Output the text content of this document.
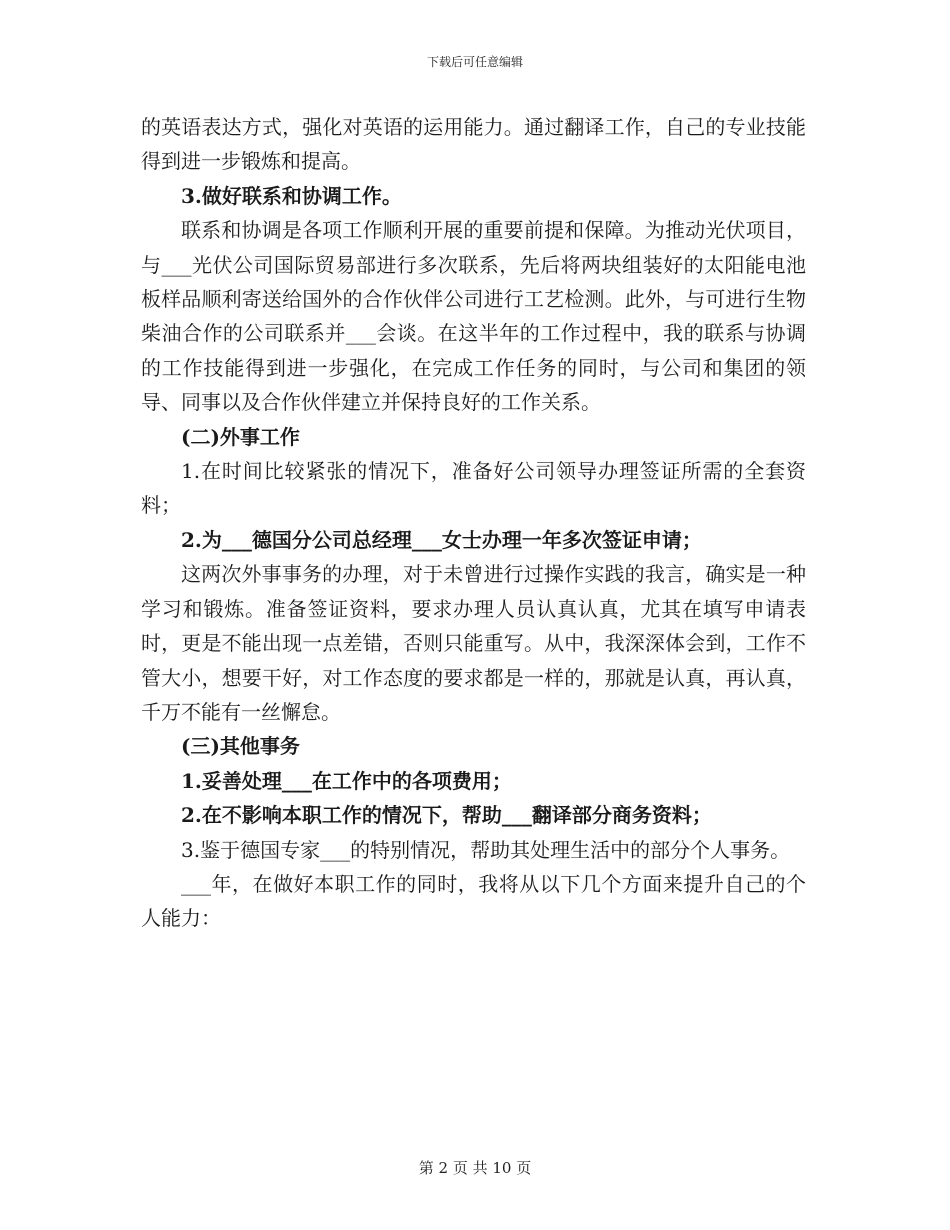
下载后可任意编辑

的英语表达方式，强化对英语的运用能力。通过翻译工作，自己的专业技能得到进一步锻炼和提高。

3.做好联系和协调工作。

联系和协调是各项工作顺利开展的重要前提和保障。为推动光伏项目，与___光伏公司国际贸易部进行多次联系，先后将两块组装好的太阳能电池板样品顺利寄送给国外的合作伙伴公司进行工艺检测。此外，与可进行生物柴油合作的公司联系并___会谈。在这半年的工作过程中，我的联系与协调的工作技能得到进一步强化，在完成工作任务的同时，与公司和集团的领导、同事以及合作伙伴建立并保持良好的工作关系。

(二)外事工作

1.在时间比较紧张的情况下，准备好公司领导办理签证所需的全套资料；

2.为___德国分公司总经理___女士办理一年多次签证申请；

这两次外事事务的办理，对于未曾进行过操作实践的我言，确实是一种学习和锻炼。准备签证资料，要求办理人员认真认真，尤其在填写申请表时，更是不能出现一点差错，否则只能重写。从中，我深深体会到，工作不管大小，想要干好，对工作态度的要求都是一样的，那就是认真，再认真，千万不能有一丝懈怠。

(三)其他事务

1.妥善处理___在工作中的各项费用；

2.在不影响本职工作的情况下，帮助___翻译部分商务资料；

3.鉴于德国专家___的特别情况，帮助其处理生活中的部分个人事务。

___年，在做好本职工作的同时，我将从以下几个方面来提升自己的个人能力：

第 2 页 共 10 页
